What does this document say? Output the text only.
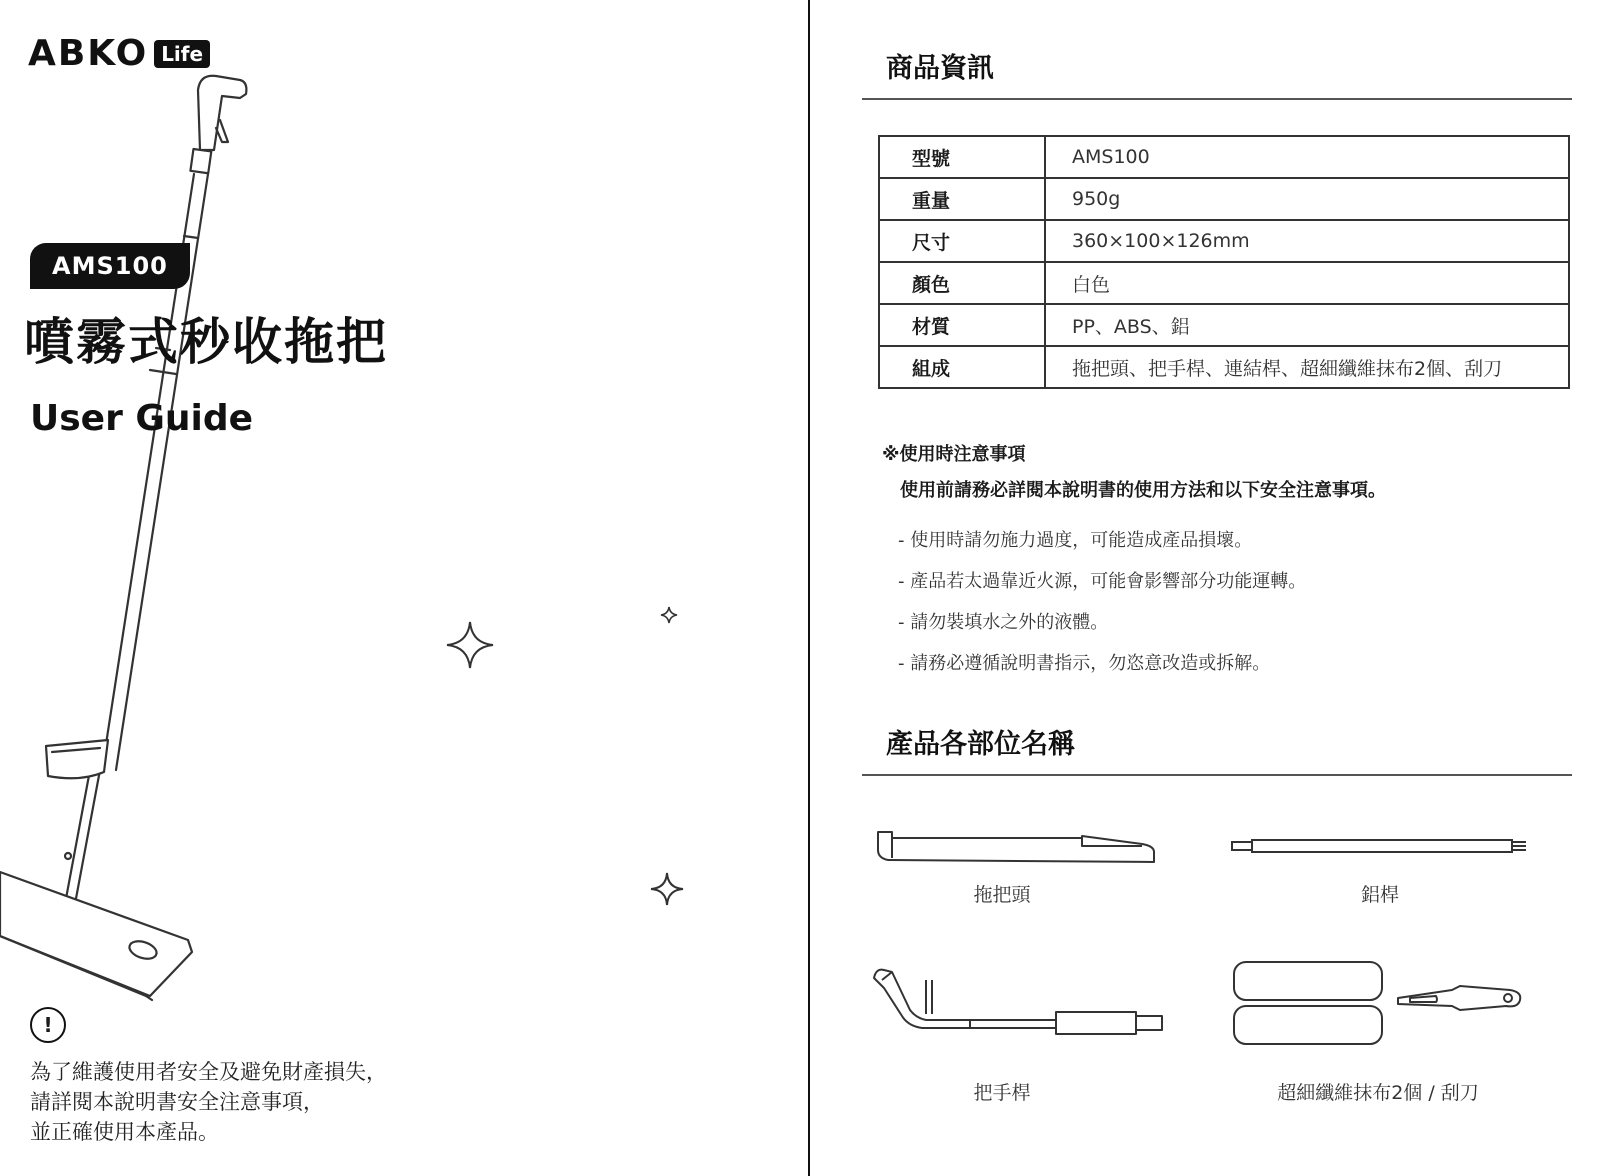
ABKO Life
AMS100
噴霧式秒收拖把
User Guide
!
為了維護使用者安全及避免財產損失，
請詳閱本說明書安全注意事項，
並正確使用本產品。
商品資訊
型號	AMS100
重量	950g
尺寸	360×100×126mm
顏色	白色
材質	PP、ABS、鋁
組成	拖把頭、把手桿、連結桿、超細纖維抹布2個、刮刀
※使用時注意事項
使用前請務必詳閱本說明書的使用方法和以下安全注意事項。
- 使用時請勿施力過度，可能造成產品損壞。
- 產品若太過靠近火源，可能會影響部分功能運轉。
- 請勿裝填水之外的液體。
- 請務必遵循說明書指示，勿恣意改造或拆解。
產品各部位名稱
拖把頭	鋁桿
把手桿	超細纖維抹布2個 / 刮刀
